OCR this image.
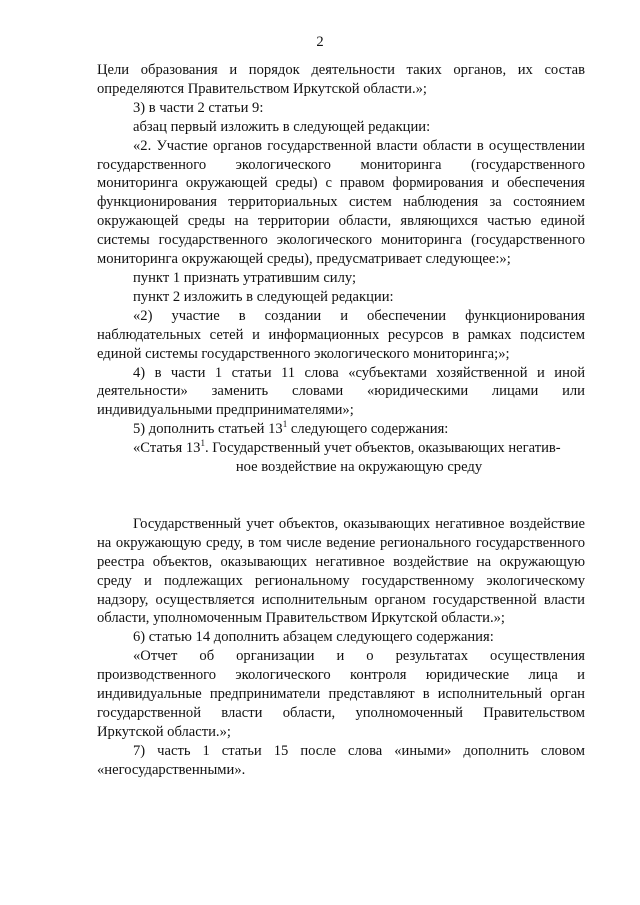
2

Цели образования и порядок деятельности таких органов, их состав определяются Правительством Иркутской области.»;

3) в части 2 статьи 9:

абзац первый изложить в следующей редакции:

«2. Участие органов государственной власти области в осуществлении государственного экологического мониторинга (государственного мониторинга окружающей среды) с правом формирования и обеспечения функционирования территориальных систем наблюдения за состоянием окружающей среды на территории области, являющихся частью единой системы государственного экологического мониторинга (государственного мониторинга окружающей среды), предусматривает следующее:»;

пункт 1 признать утратившим силу;

пункт 2 изложить в следующей редакции:

«2) участие в создании и обеспечении функционирования наблюдательных сетей и информационных ресурсов в рамках подсистем единой системы государственного экологического мониторинга;»;

4) в части 1 статьи 11 слова «субъектами хозяйственной и иной деятельности» заменить словами «юридическими лицами или индивидуальными предпринимателями»;

5) дополнить статьей $13^1$ следующего содержания:

«Статья $13^1$. Государственный учет объектов, оказывающих негатив-
ное воздействие на окружающую среду

Государственный учет объектов, оказывающих негативное воздействие на окружающую среду, в том числе ведение регионального государственного реестра объектов, оказывающих негативное воздействие на окружающую среду и подлежащих региональному государственному экологическому надзору, осуществляется исполнительным органом государственной власти области, уполномоченным Правительством Иркутской области.»;

6) статью 14 дополнить абзацем следующего содержания:

«Отчет об организации и о результатах осуществления производственного экологического контроля юридические лица и индивидуальные предприниматели представляют в исполнительный орган государственной власти области, уполномоченный Правительством Иркутской области.»;

7) часть 1 статьи 15 после слова «иными» дополнить словом «негосударственными».
